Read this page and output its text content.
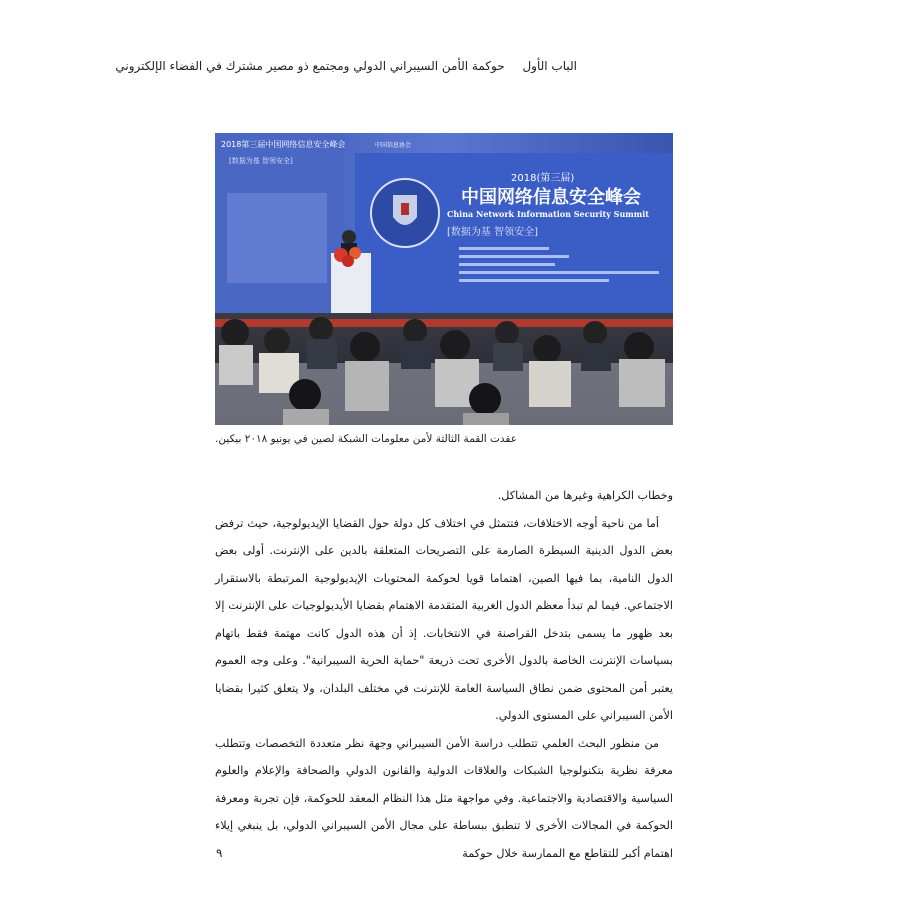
الباب الأول حوكمة الأمن السيبراني الدولي ومجتمع ذو مصير مشترك في الفضاء الإلكتروني
2018第三届中国网络信息安全峰会
[数据为基 智领安全]
中国信息协会
2018(第三届)
中国网络信息安全峰会
China Network Information Security Summit
[数据为基 智领安全]
عقدت القمة الثالثة لأمن معلومات الشبكة لصين في يونيو ٢٠١٨ بيكين.

وخطاب الكراهية وغيرها من المشاكل.

أما من ناحية أوجه الاختلافات، فتتمثل في اختلاف كل دولة حول القضايا الإيديولوجية، حيث ترفض بعض الدول الدينية السيطرة الصارمة على التصريحات المتعلقة بالدين على الإنترنت. أولى بعض الدول النامية، بما فيها الصين، اهتماما قويا لحوكمة المحتويات الإيديولوجية المرتبطة بالاستقرار الاجتماعي. فيما لم تبدأ معظم الدول الغربية المتقدمة الاهتمام بقضايا الأيديولوجيات على الإنترنت إلا بعد ظهور ما يسمى بتدخل القراصنة في الانتخابات. إذ أن هذه الدول كانت مهتمة فقط باتهام بسياسات الإنترنت الخاصة بالدول الأخرى تحت ذريعة "حماية الحرية السيبرانية". وعلى وجه العموم يعتبر أمن المحتوى ضمن نطاق السياسة العامة للإنترنت في مختلف البلدان، ولا يتعلق كثيرا بقضايا الأمن السيبراني على المستوى الدولي.

من منظور البحث العلمي تتطلب دراسة الأمن السيبراني وجهة نظر متعددة التخصصات وتتطلب معرفة نظرية بتكنولوجيا الشبكات والعلاقات الدولية والقانون الدولي والصحافة والإعلام والعلوم السياسية والاقتصادية والاجتماعية. وفي مواجهة مثل هذا النظام المعقد للحوكمة، فإن تجربة ومعرفة الحوكمة في المجالات الأخرى لا تنطبق ببساطة على مجال الأمن السيبراني الدولي، بل ينبغي إيلاء اهتمام أكبر للتقاطع مع الممارسة خلال حوكمة

٩
